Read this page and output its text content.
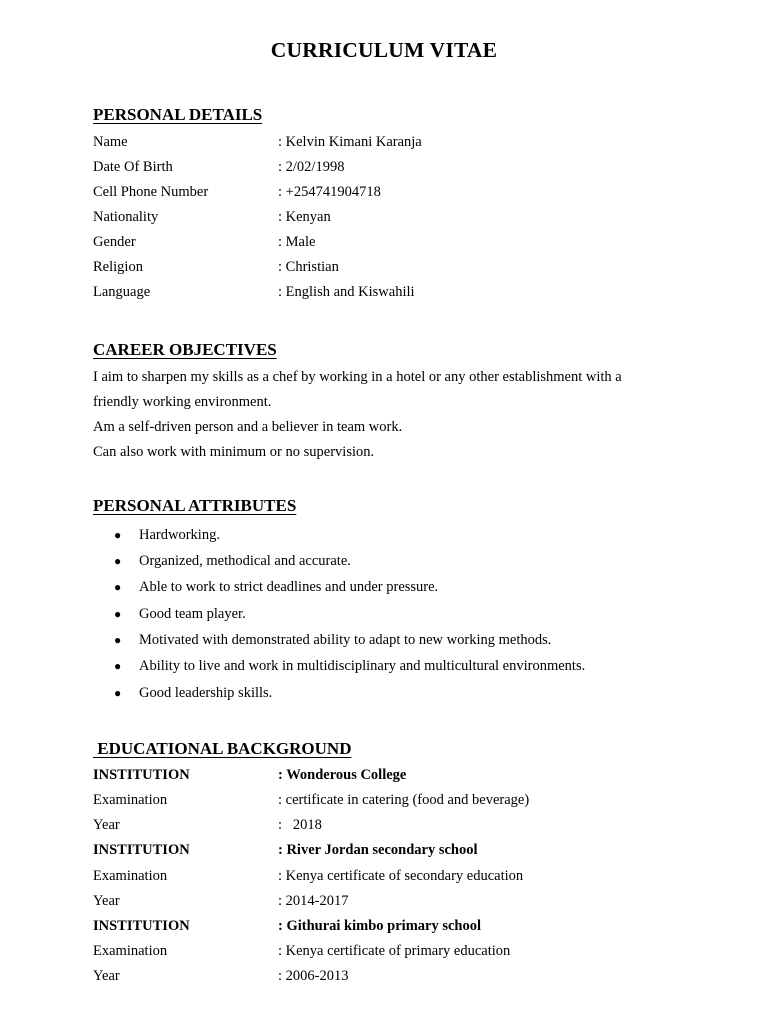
CURRICULUM VITAE
PERSONAL DETAILS
Name	: Kelvin Kimani Karanja
Date Of Birth	: 2/02/1998
Cell Phone Number	: +254741904718
Nationality	: Kenyan
Gender	: Male
Religion	: Christian
Language	: English and Kiswahili
CAREER OBJECTIVES
I aim to sharpen my skills as a chef by working in a hotel or any other establishment with a
friendly working environment.
Am a self-driven person and a believer in team work.
Can also work with minimum or no supervision.
PERSONAL ATTRIBUTES
● Hardworking.
● Organized, methodical and accurate.
● Able to work to strict deadlines and under pressure.
● Good team player.
● Motivated with demonstrated ability to adapt to new working methods.
● Ability to live and work in multidisciplinary and multicultural environments.
● Good leadership skills.
EDUCATIONAL BACKGROUND
INSTITUTION	: Wonderous College
Examination	: certificate in catering (food and beverage)
Year	:   2018
INSTITUTION	: River Jordan secondary school
Examination	: Kenya certificate of secondary education
Year	: 2014-2017
INSTITUTION	: Githurai kimbo primary school
Examination	: Kenya certificate of primary education
Year	: 2006-2013
